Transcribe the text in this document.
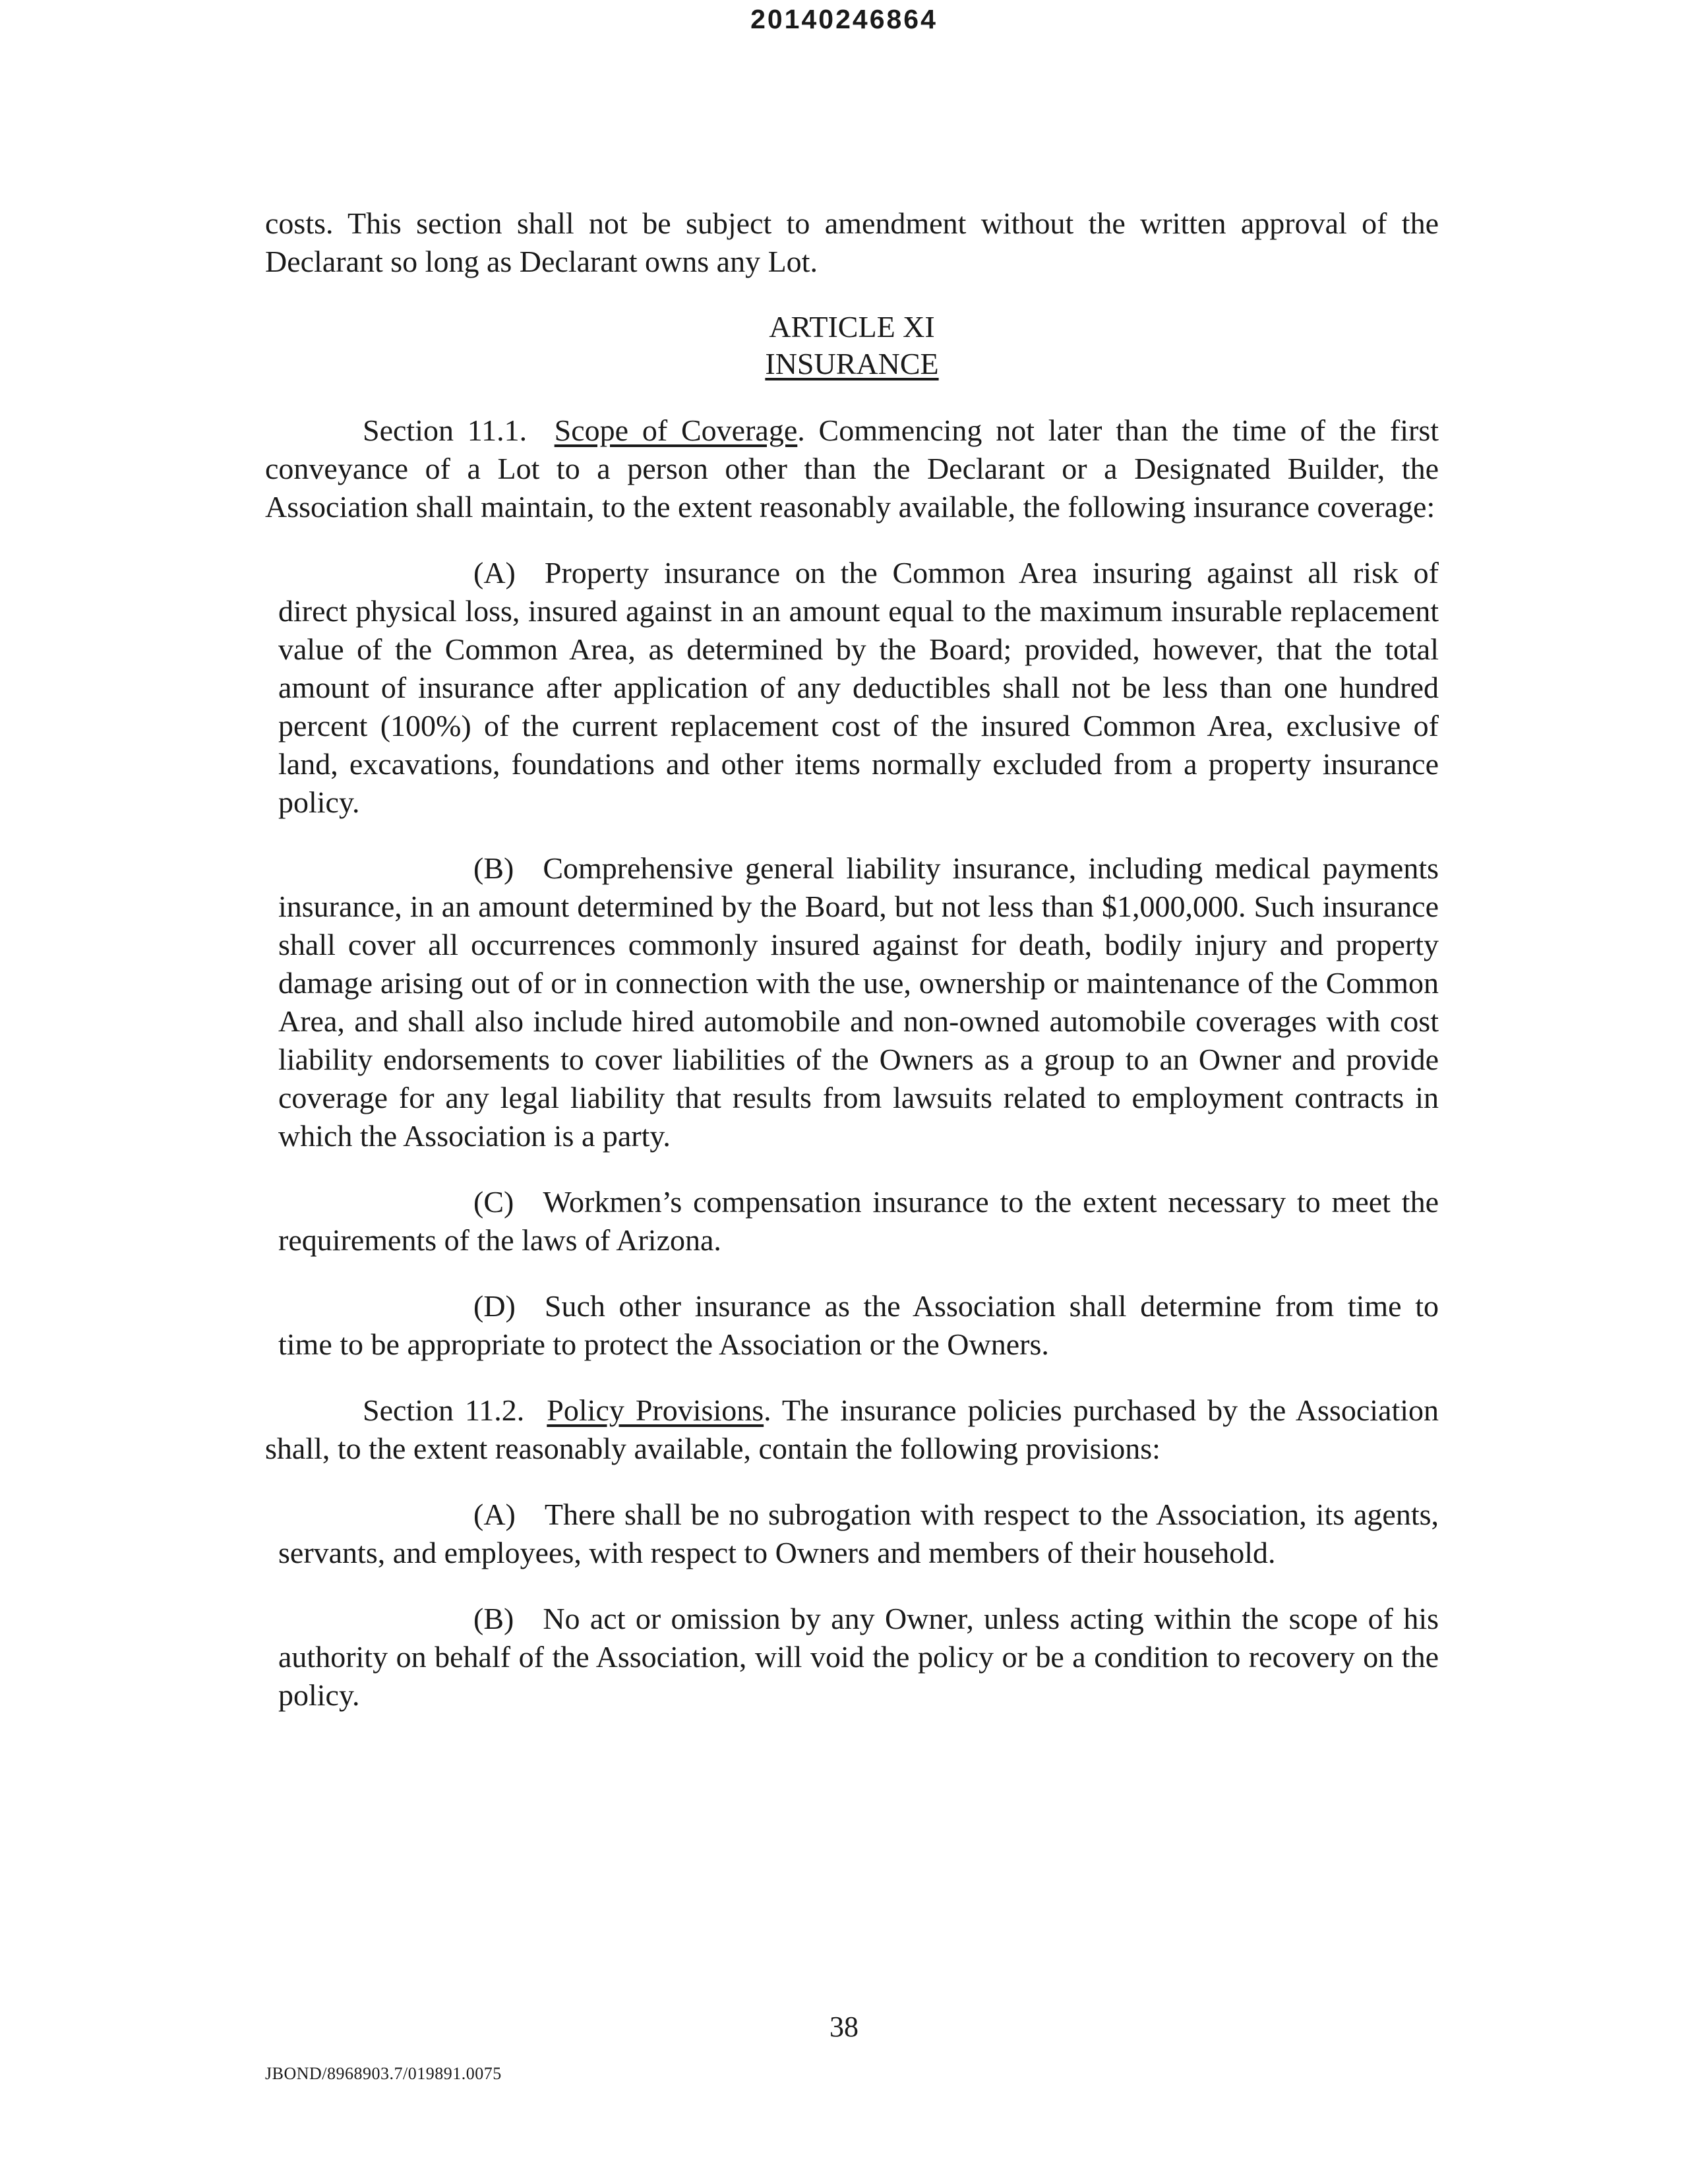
20140246864

costs. This section shall not be subject to amendment without the written approval of the Declarant so long as Declarant owns any Lot.

ARTICLE XI
INSURANCE

Section 11.1. Scope of Coverage. Commencing not later than the time of the first conveyance of a Lot to a person other than the Declarant or a Designated Builder, the Association shall maintain, to the extent reasonably available, the following insurance coverage:

(A) Property insurance on the Common Area insuring against all risk of direct physical loss, insured against in an amount equal to the maximum insurable replacement value of the Common Area, as determined by the Board; provided, however, that the total amount of insurance after application of any deductibles shall not be less than one hundred percent (100%) of the current replacement cost of the insured Common Area, exclusive of land, excavations, foundations and other items normally excluded from a property insurance policy.

(B) Comprehensive general liability insurance, including medical payments insurance, in an amount determined by the Board, but not less than $1,000,000. Such insurance shall cover all occurrences commonly insured against for death, bodily injury and property damage arising out of or in connection with the use, ownership or maintenance of the Common Area, and shall also include hired automobile and non-owned automobile coverages with cost liability endorsements to cover liabilities of the Owners as a group to an Owner and provide coverage for any legal liability that results from lawsuits related to employment contracts in which the Association is a party.

(C) Workmen’s compensation insurance to the extent necessary to meet the requirements of the laws of Arizona.

(D) Such other insurance as the Association shall determine from time to time to be appropriate to protect the Association or the Owners.

Section 11.2. Policy Provisions. The insurance policies purchased by the Association shall, to the extent reasonably available, contain the following provisions:

(A) There shall be no subrogation with respect to the Association, its agents, servants, and employees, with respect to Owners and members of their household.

(B) No act or omission by any Owner, unless acting within the scope of his authority on behalf of the Association, will void the policy or be a condition to recovery on the policy.

38
JBOND/8968903.7/019891.0075
